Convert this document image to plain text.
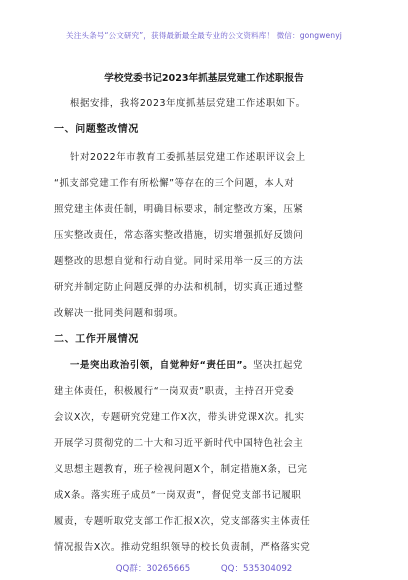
关注头条号“公文研究”，获得最新最全最专业的公文资料库！ 微信：gongwenyj
学校党委书记2023年抓基层党建工作述职报告
根据安排，我将2023年度抓基层党建工作述职如下。
一、问题整改情况
针对2022年市教育工委抓基层党建工作述职评议会上
“抓支部党建工作有所松懈”等存在的三个问题，本人对
照党建主体责任制，明确目标要求，制定整改方案，压紧
压实整改责任，常态落实整改措施，切实增强抓好反馈问
题整改的思想自觉和行动自觉。同时采用举一反三的方法
研究并制定防止问题反弹的办法和机制，切实真正通过整
改解决一批同类问题和弱项。
二、工作开展情况
一是突出政治引领，自觉种好“责任田”。坚决扛起党
建主体责任，积极履行“一岗双责”职责，主持召开党委
会议X次，专题研究党建工作X次，带头讲党课X次。扎实
开展学习贯彻党的二十大和习近平新时代中国特色社会主
义思想主题教育，班子检视问题X个，制定措施X条，已完
成X条。落实班子成员“一岗双责”，督促党支部书记履职
履责，专题听取党支部工作汇报X次，党支部落实主体责任
情况报告X次。推动党组织领导的校长负责制，严格落实党
QQ群：30265665	QQ：535304092
